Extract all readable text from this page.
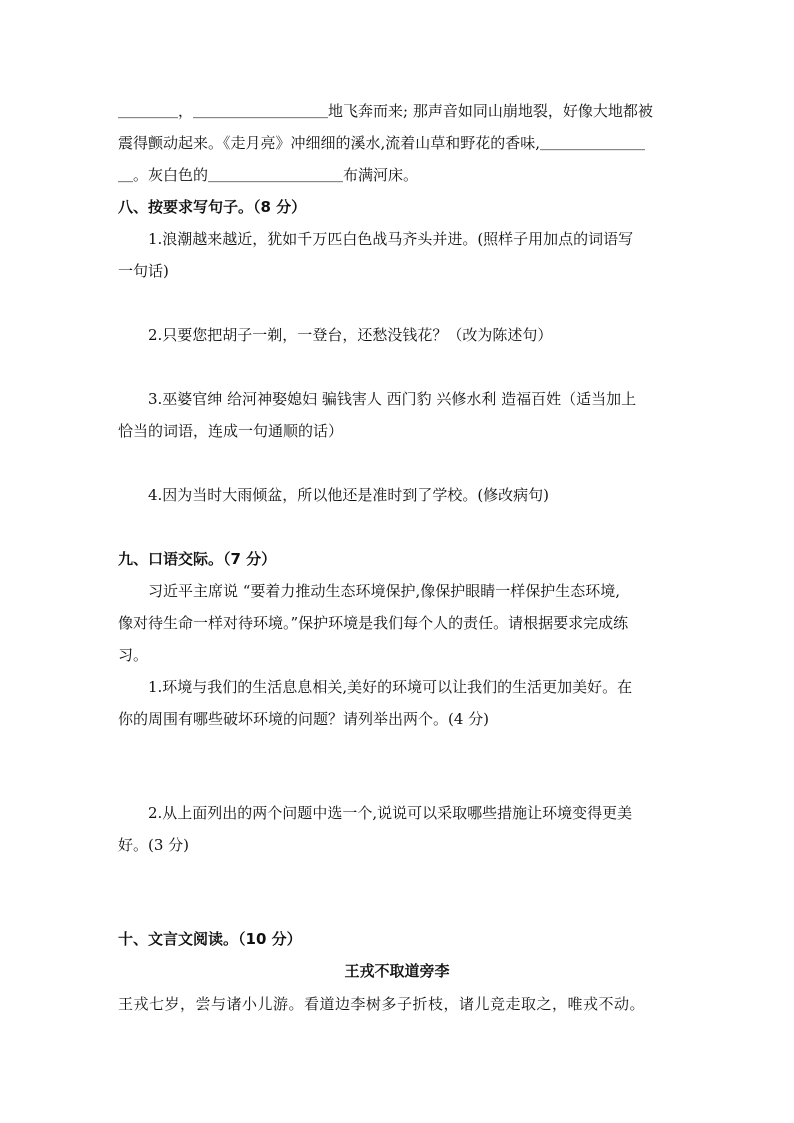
＿＿＿＿，＿＿＿＿＿＿＿＿＿地飞奔而来; 那声音如同山崩地裂，好像大地都被
震得颤动起来。《走月亮》冲细细的溪水,流着山草和野花的香味,＿＿＿＿＿＿＿
＿。灰白色的＿＿＿＿＿＿＿＿＿布满河床。
八、按要求写句子。（8 分）
1.浪潮越来越近，犹如千万匹白色战马齐头并进。(照样子用加点的词语写
一句话)
2.只要您把胡子一剃，一登台，还愁没钱花？（改为陈述句）
3.巫婆官绅 给河神娶媳妇 骗钱害人 西门豹 兴修水利 造福百姓（适当加上
恰当的词语，连成一句通顺的话）
4.因为当时大雨倾盆，所以他还是准时到了学校。(修改病句)
九、口语交际。（7 分）
习近平主席说 “要着力推动生态环境保护,像保护眼睛一样保护生态环境,
像对待生命一样对待环境。”保护环境是我们每个人的责任。请根据要求完成练
习。
1.环境与我们的生活息息相关,美好的环境可以让我们的生活更加美好。在
你的周围有哪些破坏环境的问题？请列举出两个。(4 分)
2.从上面列出的两个问题中选一个,说说可以采取哪些措施让环境变得更美
好。(3 分)
十、文言文阅读。（10 分）
王戎不取道旁李
王戎七岁，尝与诸小儿游。看道边李树多子折枝，诸儿竞走取之，唯戎不动。
